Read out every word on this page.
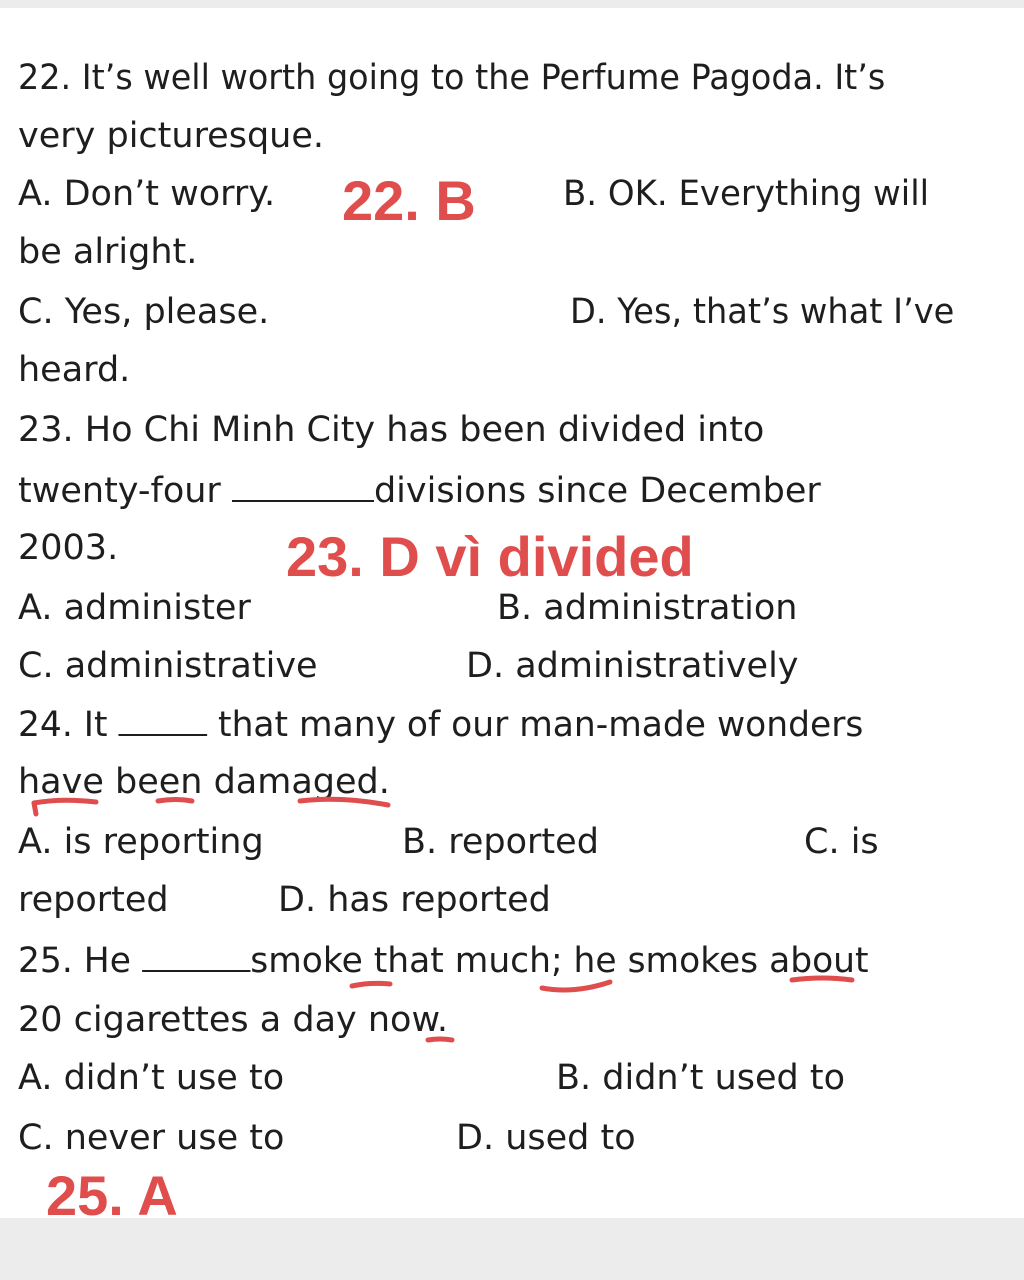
22. It’s well worth going to the Perfume Pagoda. It’s
very picturesque.
A. Don’t worry. 22. B B. OK. Everything will
be alright.
C. Yes, please.	D. Yes, that’s what I’ve
heard.
23. Ho Chi Minh City has been divided into
twenty-four	divisions since December
2003.	23. D vì divided
A. administer	B. administration
C. administrative	D. administratively
24. It	that many of our man-made wonders
have been damaged.
A. is reporting	B. reported	C. is
reported	D. has reported
25. He	smoke that much; he smokes about
20 cigarettes a day now.
A. didn’t use to	B. didn’t used to
C. never use to	D. used to
25. A
